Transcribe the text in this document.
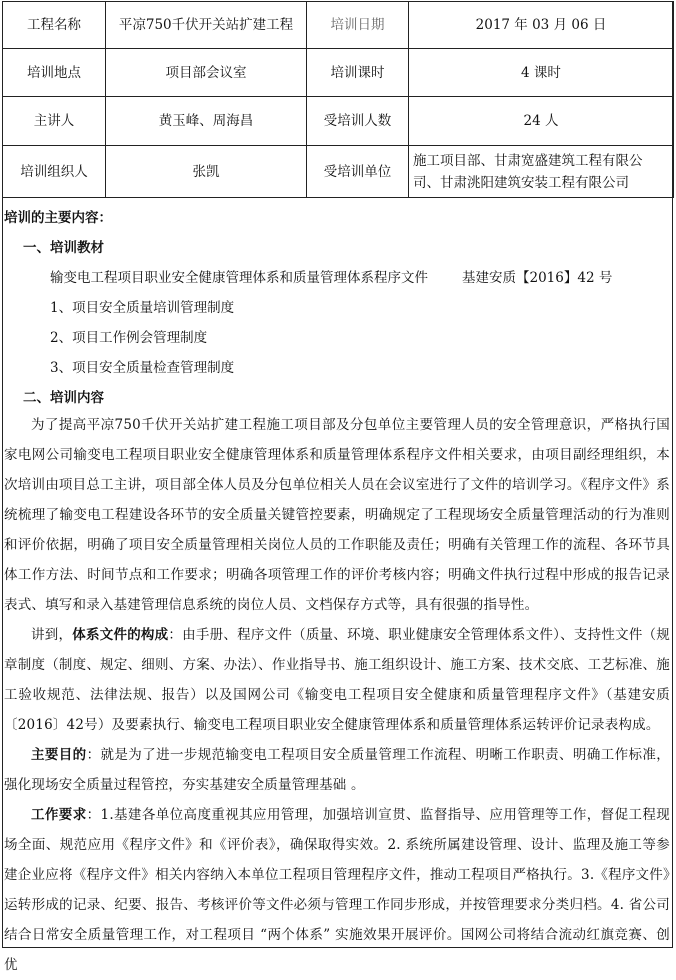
工程名称	平凉750千伏开关站扩建工程	培训日期	2017 年 03 月 06 日
培训地点	项目部会议室	培训课时	4 课时
主讲人	黄玉峰、周海昌	受培训人数	24 人
培训组织人	张凯	受培训单位	施工项目部、甘肃宽盛建筑工程有限公司、甘肃洮阳建筑安装工程有限公司
培训的主要内容：
一、培训教材
输变电工程项目职业安全健康管理体系和质量管理体系程序文件	基建安质【2016】42 号
1、项目安全质量培训管理制度
2、项目工作例会管理制度
3、项目安全质量检查管理制度
二、培训内容
为了提高平凉750千伏开关站扩建工程施工项目部及分包单位主要管理人员的安全管理意识，严格执行国家电网公司输变电工程项目职业安全健康管理体系和质量管理体系程序文件相关要求，由项目副经理组织，本次培训由项目总工主讲，项目部全体人员及分包单位相关人员在会议室进行了文件的培训学习。《程序文件》系统梳理了输变电工程建设各环节的安全质量关键管控要素，明确规定了工程现场安全质量管理活动的行为准则和评价依据，明确了项目安全质量管理相关岗位人员的工作职能及责任；明确有关管理工作的流程、各环节具体工作方法、时间节点和工作要求；明确各项管理工作的评价考核内容；明确文件执行过程中形成的报告记录表式、填写和录入基建管理信息系统的岗位人员、文档保存方式等，具有很强的指导性。
讲到，体系文件的构成：由手册、程序文件（质量、环境、职业健康安全管理体系文件）、支持性文件（规章制度（制度、规定、细则、方案、办法）、作业指导书、施工组织设计、施工方案、技术交底、工艺标准、施工验收规范、法律法规、报告）以及国网公司《输变电工程项目安全健康和质量管理程序文件》（基建安质〔2016〕42号）及要素执行、输变电工程项目职业安全健康管理体系和质量管理体系运转评价记录表构成。
主要目的：就是为了进一步规范输变电工程项目安全质量管理工作流程、明晰工作职责、明确工作标准，强化现场安全质量过程管控，夯实基建安全质量管理基础 。
工作要求：1.基建各单位高度重视其应用管理，加强培训宣贯、监督指导、应用管理等工作，督促工程现场全面、规范应用《程序文件》和《评价表》，确保取得实效。2. 系统所属建设管理、设计、监理及施工等参建企业应将《程序文件》相关内容纳入本单位工程项目管理程序文件，推动工程项目严格执行。3.《程序文件》运转形成的记录、纪要、报告、考核评价等文件必须与管理工作同步形成，并按管理要求分类归档。4. 省公司结合日常安全质量管理工作，对工程项目 “两个体系” 实施效果开展评价。国网公司将结合流动红旗竞赛、创优
